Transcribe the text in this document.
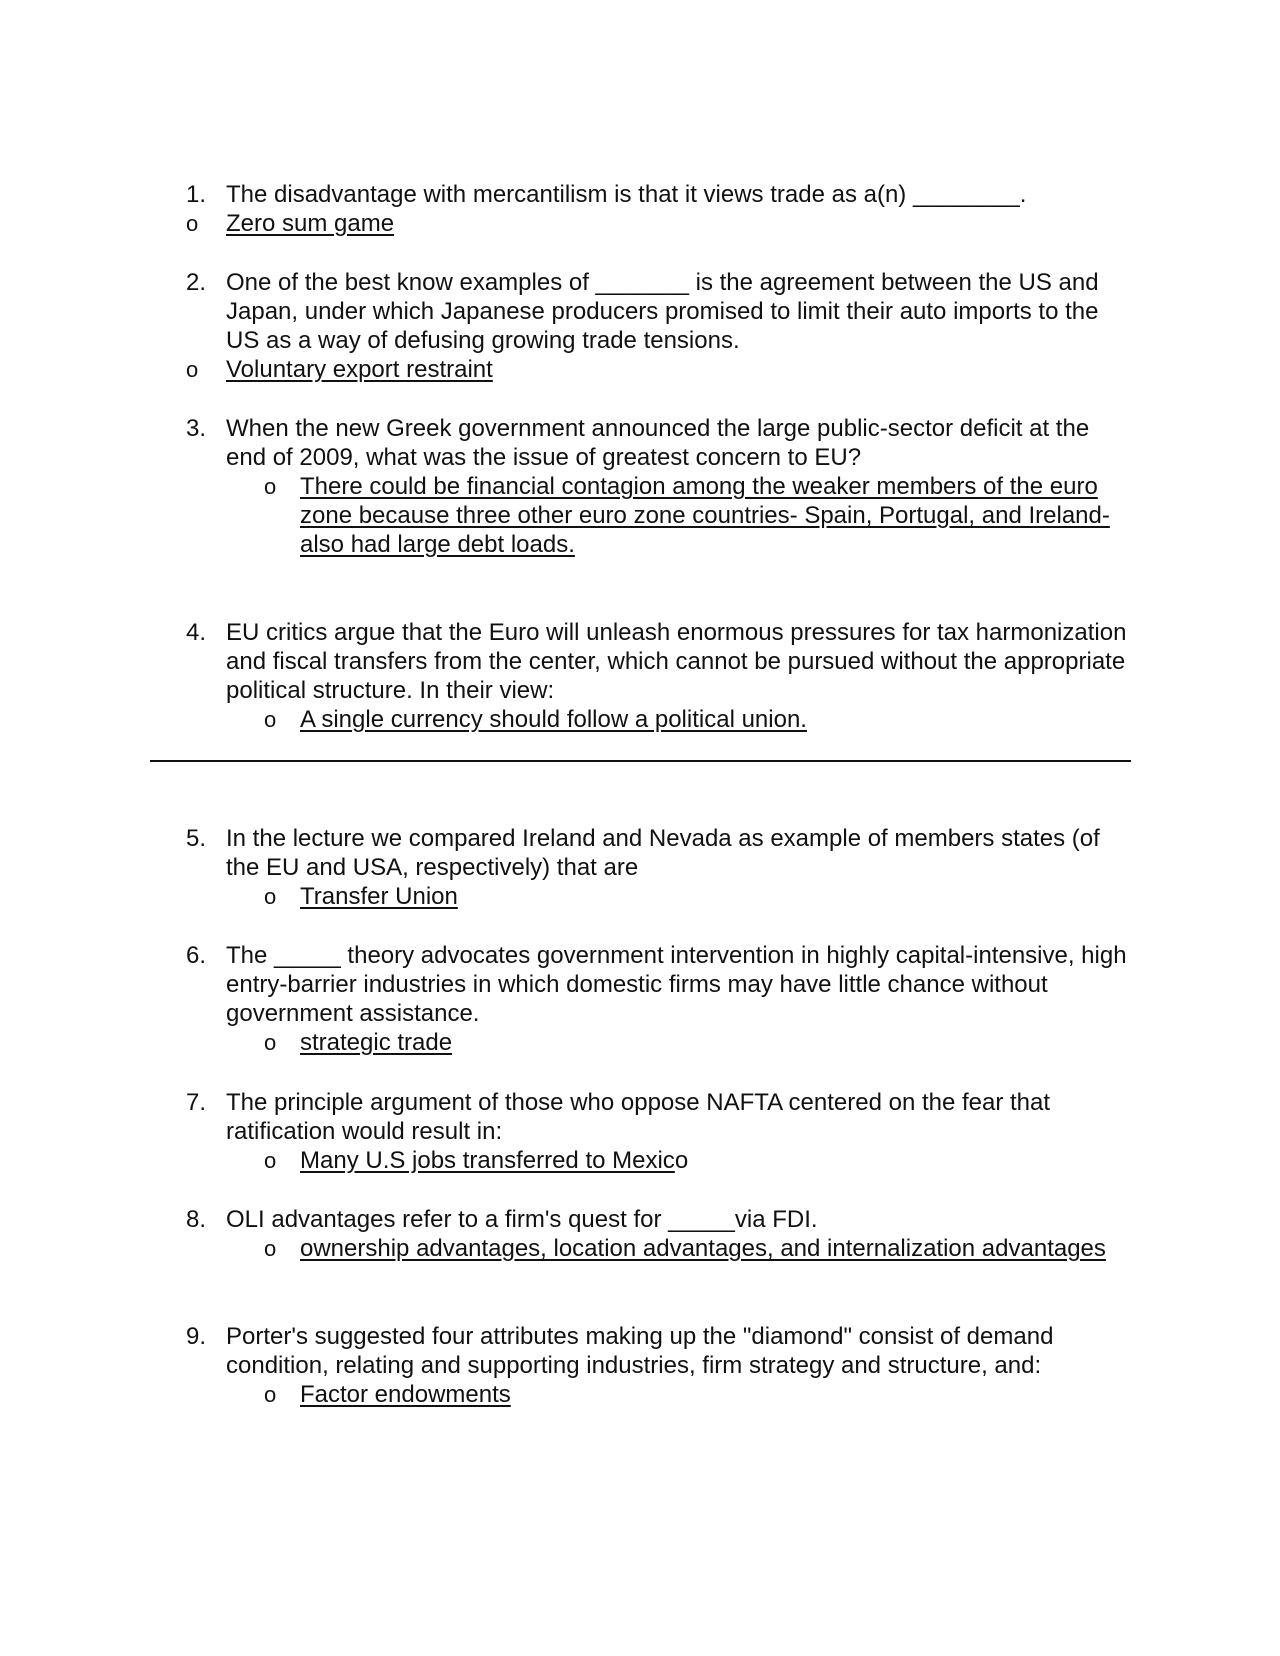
1. The disadvantage with mercantilism is that it views trade as a(n) ________.
o	Zero sum game
2. One of the best know examples of _______ is the agreement between the US and Japan, under which Japanese producers promised to limit their auto imports to the US as a way of defusing growing trade tensions.
o	Voluntary export restraint
3. When the new Greek government announced the large public-sector deficit at the end of 2009, what was the issue of greatest concern to EU?
o There could be financial contagion among the weaker members of the euro zone because three other euro zone countries- Spain, Portugal, and Ireland- also had large debt loads.
4. EU critics argue that the Euro will unleash enormous pressures for tax harmonization and fiscal transfers from the center, which cannot be pursued without the appropriate political structure. In their view:
o A single currency should follow a political union.
5. In the lecture we compared Ireland and Nevada as example of members states (of the EU and USA, respectively) that are
o Transfer Union
6. The _____ theory advocates government intervention in highly capital-intensive, high entry-barrier industries in which domestic firms may have little chance without government assistance.
o strategic trade
7. The principle argument of those who oppose NAFTA centered on the fear that ratification would result in:
o Many U.S jobs transferred to Mexico
8. OLI advantages refer to a firm's quest for _____via FDI.
o ownership advantages, location advantages, and internalization advantages
9. Porter's suggested four attributes making up the "diamond" consist of demand condition, relating and supporting industries, firm strategy and structure, and:
o Factor endowments
